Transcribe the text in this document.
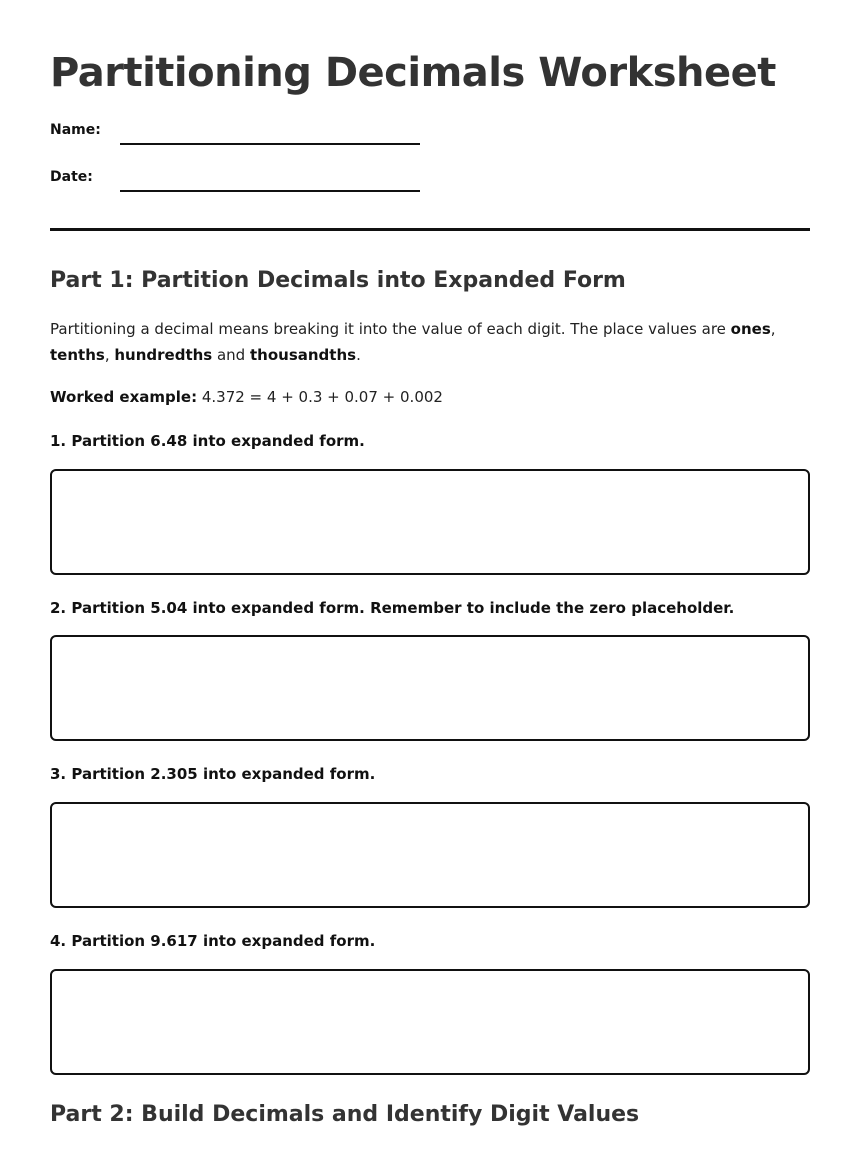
Partitioning Decimals Worksheet
Name:
Date:
Part 1: Partition Decimals into Expanded Form

Partitioning a decimal means breaking it into the value of each digit. The place values are ones, tenths, hundredths and thousandths.

Worked example: 4.372 = 4 + 0.3 + 0.07 + 0.002

1. Partition 6.48 into expanded form.

2. Partition 5.04 into expanded form. Remember to include the zero placeholder.

3. Partition 2.305 into expanded form.

4. Partition 9.617 into expanded form.

Part 2: Build Decimals and Identify Digit Values
